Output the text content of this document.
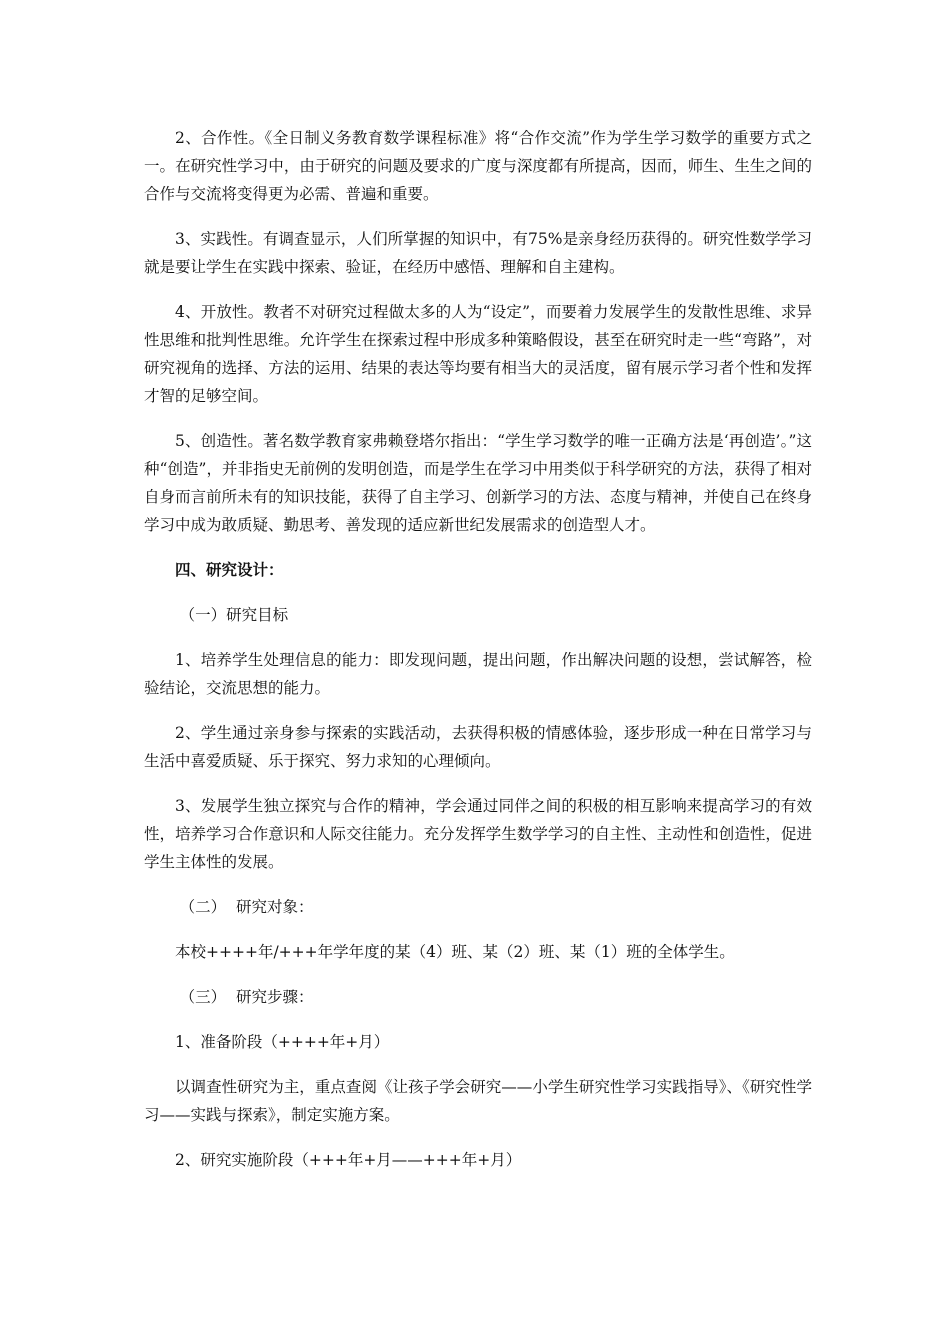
2、合作性。《全日制义务教育数学课程标准》将“合作交流”作为学生学习数学的重要方式之一。在研究性学习中，由于研究的问题及要求的广度与深度都有所提高，因而，师生、生生之间的合作与交流将变得更为必需、普遍和重要。

3、实践性。有调查显示，人们所掌握的知识中，有75%是亲身经历获得的。研究性数学学习就是要让学生在实践中探索、验证，在经历中感悟、理解和自主建构。

4、开放性。教者不对研究过程做太多的人为“设定”，而要着力发展学生的发散性思维、求异性思维和批判性思维。允许学生在探索过程中形成多种策略假设，甚至在研究时走一些“弯路”，对研究视角的选择、方法的运用、结果的表达等均要有相当大的灵活度，留有展示学习者个性和发挥才智的足够空间。

5、创造性。著名数学教育家弗赖登塔尔指出：“学生学习数学的唯一正确方法是‘再创造’。”这种“创造”，并非指史无前例的发明创造，而是学生在学习中用类似于科学研究的方法，获得了相对自身而言前所未有的知识技能，获得了自主学习、创新学习的方法、态度与精神，并使自己在终身学习中成为敢质疑、勤思考、善发现的适应新世纪发展需求的创造型人才。

四、研究设计：

（一）研究目标

1、培养学生处理信息的能力：即发现问题，提出问题，作出解决问题的设想，尝试解答，检验结论，交流思想的能力。

2、学生通过亲身参与探索的实践活动，去获得积极的情感体验，逐步形成一种在日常学习与生活中喜爱质疑、乐于探究、努力求知的心理倾向。

3、发展学生独立探究与合作的精神，学会通过同伴之间的积极的相互影响来提高学习的有效性，培养学习合作意识和人际交往能力。充分发挥学生数学学习的自主性、主动性和创造性，促进学生主体性的发展。

（二）  研究对象：

本校++++年/+++年学年度的某（4）班、某（2）班、某（1）班的全体学生。

（三）  研究步骤：

1、准备阶段（++++年+月）

以调查性研究为主，重点查阅《让孩子学会研究——小学生研究性学习实践指导》、《研究性学习——实践与探索》，制定实施方案。

2、研究实施阶段（+++年+月——+++年+月）
